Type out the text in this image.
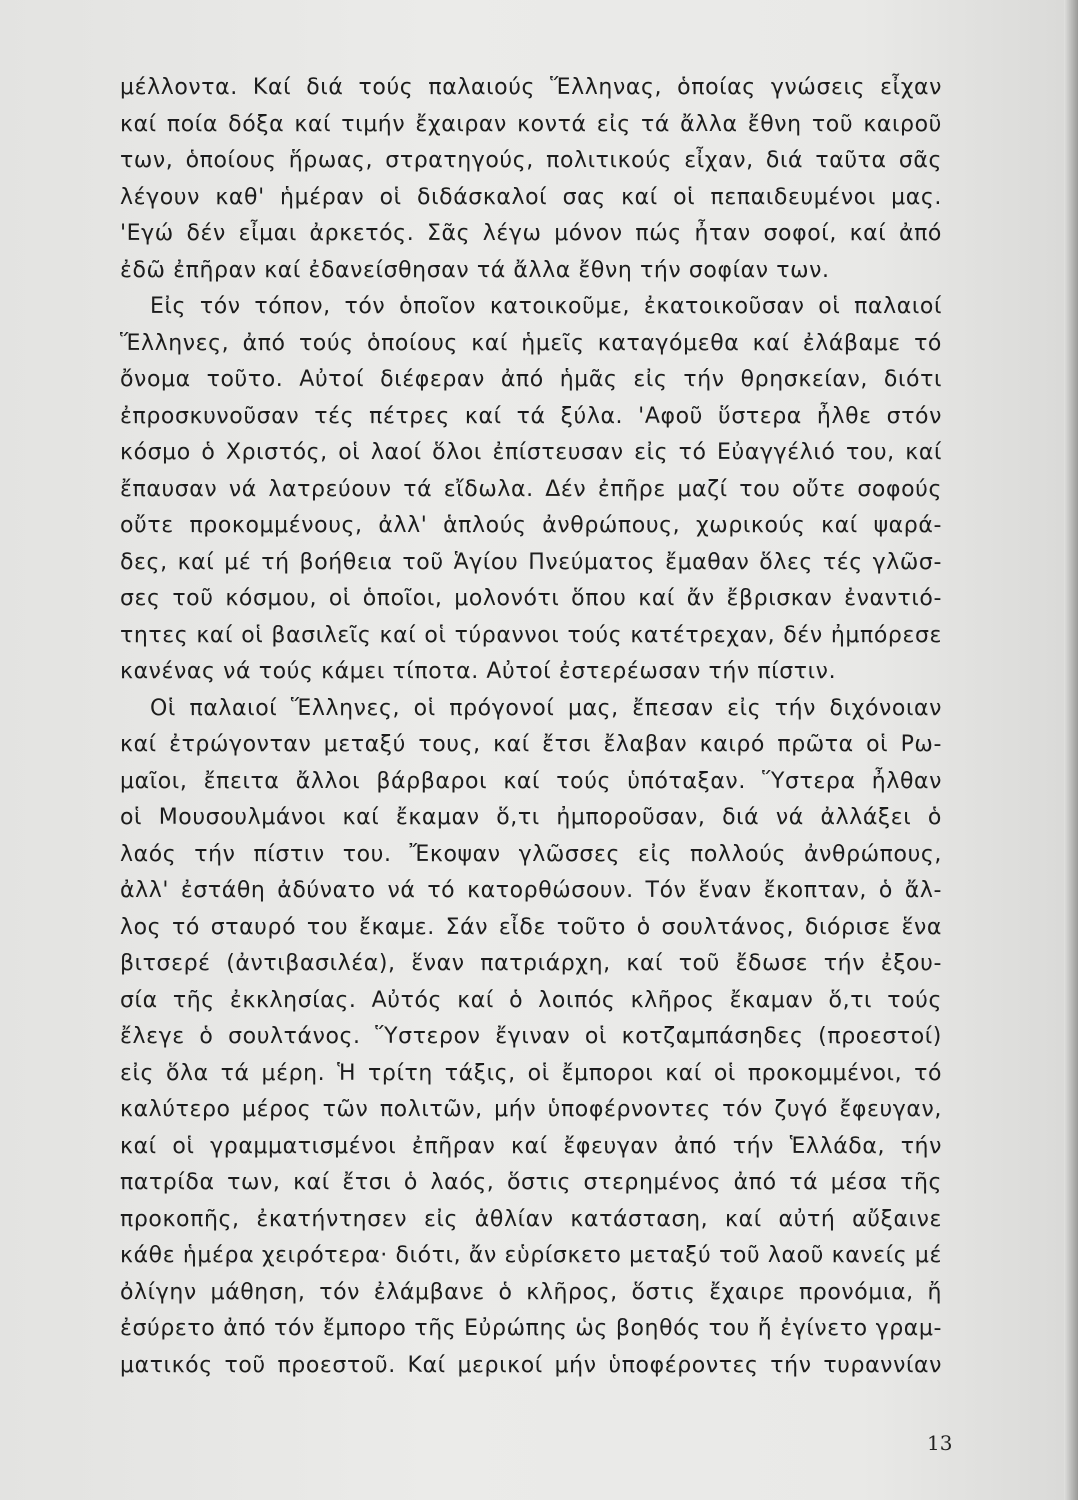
μέλλοντα. Καί διά τούς παλαιούς Ἕλληνας, ὁποίας γνώσεις εἶχαν
καί ποία δόξα καί τιμήν ἔχαιραν κοντά εἰς τά ἄλλα ἔθνη τοῦ καιροῦ
των, ὁποίους ἥρωας, στρατηγούς, πολιτικούς εἶχαν, διά ταῦτα σᾶς
λέγουν καθ' ἡμέραν οἱ διδάσκαλοί σας καί οἱ πεπαιδευμένοι μας.
'Εγώ δέν εἶμαι ἀρκετός. Σᾶς λέγω μόνον πώς ἦταν σοφοί, καί ἀπό
ἐδῶ ἐπῆραν καί ἐδανείσθησαν τά ἄλλα ἔθνη τήν σοφίαν των.
Εἰς τόν τόπον, τόν ὁποῖον κατοικοῦμε, ἐκατοικοῦσαν οἱ παλαιοί
Ἕλληνες, ἀπό τούς ὁποίους καί ἡμεῖς καταγόμεθα καί ἐλάβαμε τό
ὄνομα τοῦτο. Αὐτοί διέφεραν ἀπό ἡμᾶς εἰς τήν θρησκείαν, διότι
ἐπροσκυνοῦσαν τές πέτρες καί τά ξύλα. 'Αφοῦ ὕστερα ἦλθε στόν
κόσμο ὁ Χριστός, οἱ λαοί ὅλοι ἐπίστευσαν εἰς τό Εὐαγγέλιό του, καί
ἔπαυσαν νά λατρεύουν τά εἴδωλα. Δέν ἐπῆρε μαζί του οὔτε σοφούς
οὔτε προκομμένους, ἀλλ' ἁπλούς ἀνθρώπους, χωρικούς καί ψαρά-
δες, καί μέ τή βοήθεια τοῦ Ἁγίου Πνεύματος ἔμαθαν ὅλες τές γλῶσ-
σες τοῦ κόσμου, οἱ ὁποῖοι, μολονότι ὅπου καί ἄν ἔβρισκαν ἐναντιό-
τητες καί οἱ βασιλεῖς καί οἱ τύραννοι τούς κατέτρεχαν, δέν ἠμπόρεσε
κανένας νά τούς κάμει τίποτα. Αὐτοί ἐστερέωσαν τήν πίστιν.
Οἱ παλαιοί Ἕλληνες, οἱ πρόγονοί μας, ἔπεσαν εἰς τήν διχόνοιαν
καί ἐτρώγονταν μεταξύ τους, καί ἔτσι ἔλαβαν καιρό πρῶτα οἱ Ρω-
μαῖοι, ἔπειτα ἄλλοι βάρβαροι καί τούς ὑπόταξαν. Ὕστερα ἦλθαν
οἱ Μουσουλμάνοι καί ἔκαμαν ὅ,τι ἠμποροῦσαν, διά νά ἀλλάξει ὁ
λαός τήν πίστιν του. Ἔκοψαν γλῶσσες εἰς πολλούς ἀνθρώπους,
ἀλλ' ἐστάθη ἀδύνατο νά τό κατορθώσουν. Τόν ἕναν ἔκοπταν, ὁ ἄλ-
λος τό σταυρό του ἔκαμε. Σάν εἶδε τοῦτο ὁ σουλτάνος, διόρισε ἕνα
βιτσερέ (ἀντιβασιλέα), ἕναν πατριάρχη, καί τοῦ ἔδωσε τήν ἐξου-
σία τῆς ἐκκλησίας. Αὐτός καί ὁ λοιπός κλῆρος ἔκαμαν ὅ,τι τούς
ἔλεγε ὁ σουλτάνος. Ὕστερον ἔγιναν οἱ κοτζαμπάσηδες (προεστοί)
εἰς ὅλα τά μέρη. Ἡ τρίτη τάξις, οἱ ἔμποροι καί οἱ προκομμένοι, τό
καλύτερο μέρος τῶν πολιτῶν, μήν ὑποφέρνοντες τόν ζυγό ἔφευγαν,
καί οἱ γραμματισμένοι ἐπῆραν καί ἔφευγαν ἀπό τήν Ἑλλάδα, τήν
πατρίδα των, καί ἔτσι ὁ λαός, ὅστις στερημένος ἀπό τά μέσα τῆς
προκοπῆς, ἐκατήντησεν εἰς ἀθλίαν κατάσταση, καί αὐτή αὔξαινε
κάθε ἡμέρα χειρότερα· διότι, ἄν εὑρίσκετο μεταξύ τοῦ λαοῦ κανείς μέ
ὀλίγην μάθηση, τόν ἐλάμβανε ὁ κλῆρος, ὅστις ἔχαιρε προνόμια, ἤ
ἐσύρετο ἀπό τόν ἔμπορο τῆς Εὐρώπης ὡς βοηθός του ἤ ἐγίνετο γραμ-
ματικός τοῦ προεστοῦ. Καί μερικοί μήν ὑποφέροντες τήν τυραννίαν
13
